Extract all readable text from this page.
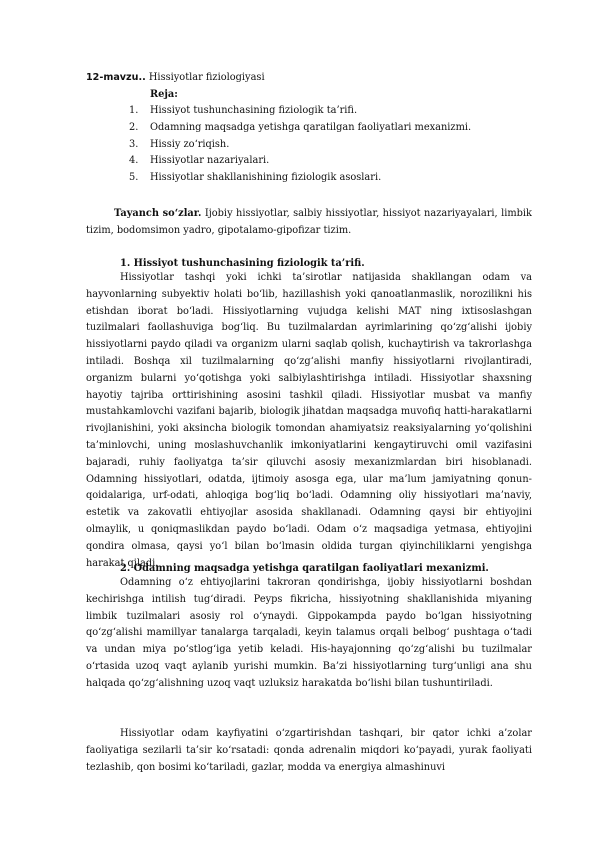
12-mavzu.. Hissiyotlar fiziologiyasi
Reja:
1. Hissiyot tushunchasining fiziologik ta’rifi.
2. Odamning maqsadga yetishga qaratilgan faoliyatlari mexanizmi.
3. Hissiy zo‘riqish.
4. Hissiyotlar nazariyalari.
5. Hissiyotlar shakllanishining fiziologik asoslari.

Tayanch so‘zlar. Ijobiy hissiyotlar, salbiy hissiyotlar, hissiyot nazariyayalari, limbik tizim, bodomsimon yadro, gipotalamo-gipofizar tizim.

1. Hissiyot tushunchasining fiziologik ta’rifi.

Hissiyotlar tashqi yoki ichki ta’sirotlar natijasida shakllangan odam va hayvonlarning subyektiv holati bo‘lib, hazillashish yoki qanoatlanmaslik, norozilikni his etishdan iborat bo‘ladi. Hissiyotlarning vujudga kelishi MAT ning ixtisoslashgan tuzilmalari faollashuviga bog‘liq. Bu tuzilmalardan ayrimlarining qo‘zg‘alishi ijobiy hissiyotlarni paydo qiladi va organizm ularni saqlab qolish, kuchaytirish va takrorlashga intiladi. Boshqa xil tuzilmalarning qo‘zg‘alishi manfiy hissiyotlarni rivojlantiradi, organizm bularni yo‘qotishga yoki salbiylashtirishga intiladi. Hissiyotlar shaxsning hayotiy tajriba orttirishining asosini tashkil qiladi. Hissiyotlar musbat va manfiy mustahkamlovchi vazifani bajarib, biologik jihatdan maqsadga muvofiq hatti-harakatlarni rivojlanishini, yoki aksincha biologik tomondan ahamiyatsiz reaksiyalarning yo‘qolishini ta’minlovchi, uning moslashuvchanlik imkoniyatlarini kengaytiruvchi omil vazifasini bajaradi, ruhiy faoliyatga ta’sir qiluvchi asosiy mexanizmlardan biri hisoblanadi. Odamning hissiyotlari, odatda, ijtimoiy asosga ega, ular ma’lum jamiyatning qonun-qoidalariga, urf-odati, ahloqiga bog‘liq bo‘ladi. Odamning oliy hissiyotlari ma’naviy, estetik va zakovatli ehtiyojlar asosida shakllanadi. Odamning qaysi bir ehtiyojini olmaylik, u qoniqmaslikdan paydo bo‘ladi. Odam o‘z maqsadiga yetmasa, ehtiyojini qondira olmasa, qaysi yo‘l bilan bo‘lmasin oldida turgan qiyinchiliklarni yengishga harakat qiladi.

2. Odamning maqsadga yetishga qaratilgan faoliyatlari mexanizmi.

Odamning o‘z ehtiyojlarini takroran qondirishga, ijobiy hissiyotlarni boshdan kechirishga intilish tug‘diradi. Peyps fikricha, hissiyotning shakllanishida miyaning limbik tuzilmalari asosiy rol o‘ynaydi. Gippokampda paydo bo‘lgan hissiyotning qo‘zg‘alishi mamillyar tanalarga tarqaladi, keyin talamus orqali belbog‘ pushtaga o‘tadi va undan miya po‘stlog‘iga yetib keladi. His-hayajonning qo‘zg‘alishi bu tuzilmalar o‘rtasida uzoq vaqt aylanib yurishi mumkin. Ba’zi hissiyotlarning turg‘unligi ana shu halqada qo‘zg‘alishning uzoq vaqt uzluksiz harakatda bo‘lishi bilan tushuntiriladi.

Hissiyotlar odam kayfiyatini o‘zgartirishdan tashqari, bir qator ichki a’zolar faoliyatiga sezilarli ta’sir ko‘rsatadi: qonda adrenalin miqdori ko‘payadi, yurak faoliyati tezlashib, qon bosimi ko‘tariladi, gazlar, modda va energiya almashinuvi
